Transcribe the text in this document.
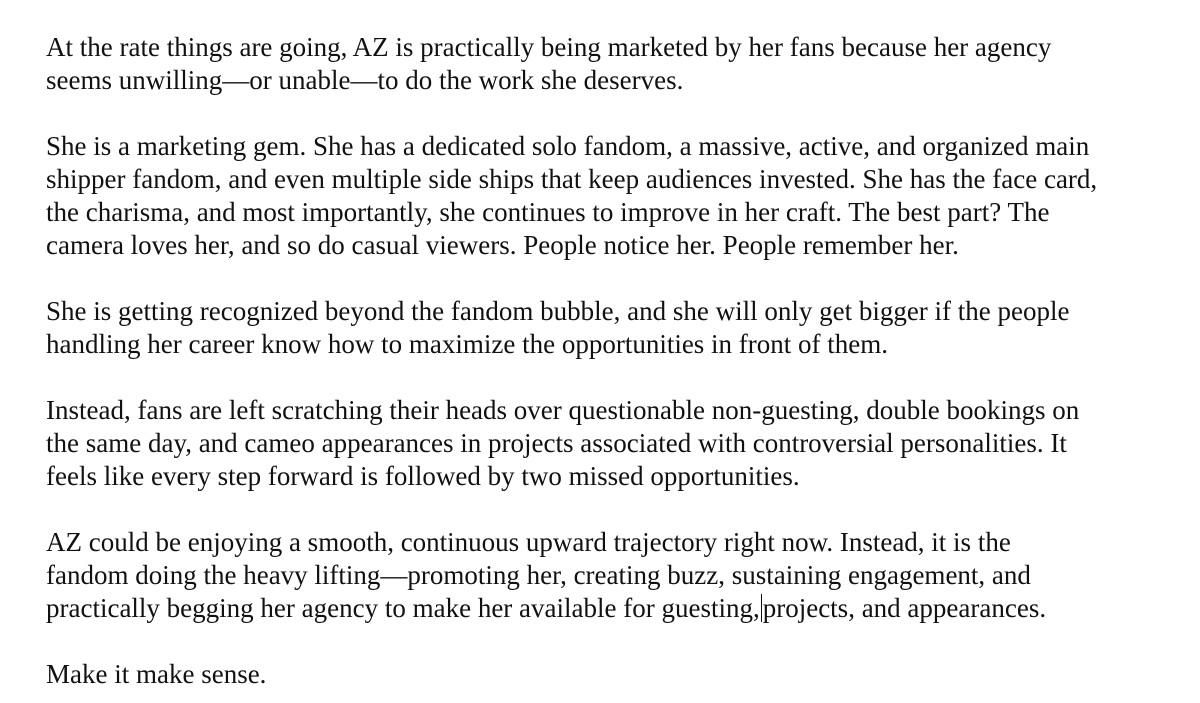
At the rate things are going, AZ is practically being marketed by her fans because her agency
seems unwilling—or unable—to do the work she deserves.

She is a marketing gem. She has a dedicated solo fandom, a massive, active, and organized main
shipper fandom, and even multiple side ships that keep audiences invested. She has the face card,
the charisma, and most importantly, she continues to improve in her craft. The best part? The
camera loves her, and so do casual viewers. People notice her. People remember her.

She is getting recognized beyond the fandom bubble, and she will only get bigger if the people
handling her career know how to maximize the opportunities in front of them.

Instead, fans are left scratching their heads over questionable non-guesting, double bookings on
the same day, and cameo appearances in projects associated with controversial personalities. It
feels like every step forward is followed by two missed opportunities.

AZ could be enjoying a smooth, continuous upward trajectory right now. Instead, it is the
fandom doing the heavy lifting—promoting her, creating buzz, sustaining engagement, and
practically begging her agency to make her available for guesting, projects, and appearances.

Make it make sense.
